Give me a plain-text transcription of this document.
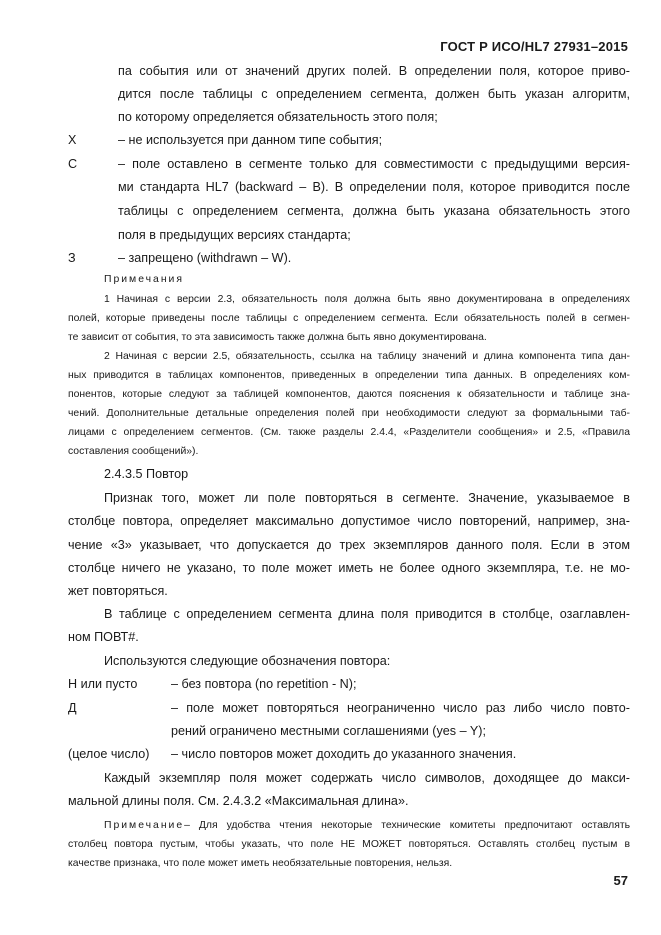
ГОСТ Р ИСО/HL7 27931–2015
па события или от значений других полей. В определении поля, которое приво-
дится после таблицы с определением сегмента, должен быть указан алгоритм,
по которому определяется обязательность этого поля;
X	– не используется при данном типе события;
C	– поле оставлено в сегменте только для совместимости с предыдущими версия-
ми стандарта HL7 (backward – B). В определении поля, которое приводится после
таблицы с определением сегмента, должна быть указана обязательность этого
поля в предыдущих версиях стандарта;
З	– запрещено (withdrawn – W).
Примечания
1 Начиная с версии 2.3, обязательность поля должна быть явно документирована в определениях
полей, которые приведены после таблицы с определением сегмента. Если обязательность полей в сегмен-
те зависит от события, то эта зависимость также должна быть явно документирована.
2 Начиная с версии 2.5, обязательность, ссылка на таблицу значений и длина компонента типа дан-
ных приводится в таблицах компонентов, приведенных в определении типа данных. В определениях ком-
понентов, которые следуют за таблицей компонентов, даются пояснения к обязательности и таблице зна-
чений. Дополнительные детальные определения полей при необходимости следуют за формальными таб-
лицами с определением сегментов. (См. также разделы 2.4.4, «Разделители сообщения» и 2.5, «Правила
составления сообщений»).
2.4.3.5 Повтор
Признак того, может ли поле повторяться в сегменте. Значение, указываемое в
столбце повтора, определяет максимально допустимое число повторений, например, зна-
чение «3» указывает, что допускается до трех экземпляров данного поля. Если в этом
столбце ничего не указано, то поле может иметь не более одного экземпляра, т.е. не мо-
жет повторяться.
В таблице с определением сегмента длина поля приводится в столбце, озаглавлен-
ном ПОВТ#.
Используются следующие обозначения повтора:
Н или пусто	– без повтора (no repetition - N);
Д	– поле может повторяться неограниченно число раз либо число повто-
рений ограничено местными соглашениями (yes – Y);
(целое число) – число повторов может доходить до указанного значения.
Каждый экземпляр поля может содержать число символов, доходящее до макси-
мальной длины поля. См. 2.4.3.2 «Максимальная длина».
Примечание – Для удобства чтения некоторые технические комитеты предпочитают оставлять
столбец повтора пустым, чтобы указать, что поле НЕ МОЖЕТ повторяться. Оставлять столбец пустым в
качестве признака, что поле может иметь необязательные повторения, нельзя.
57
